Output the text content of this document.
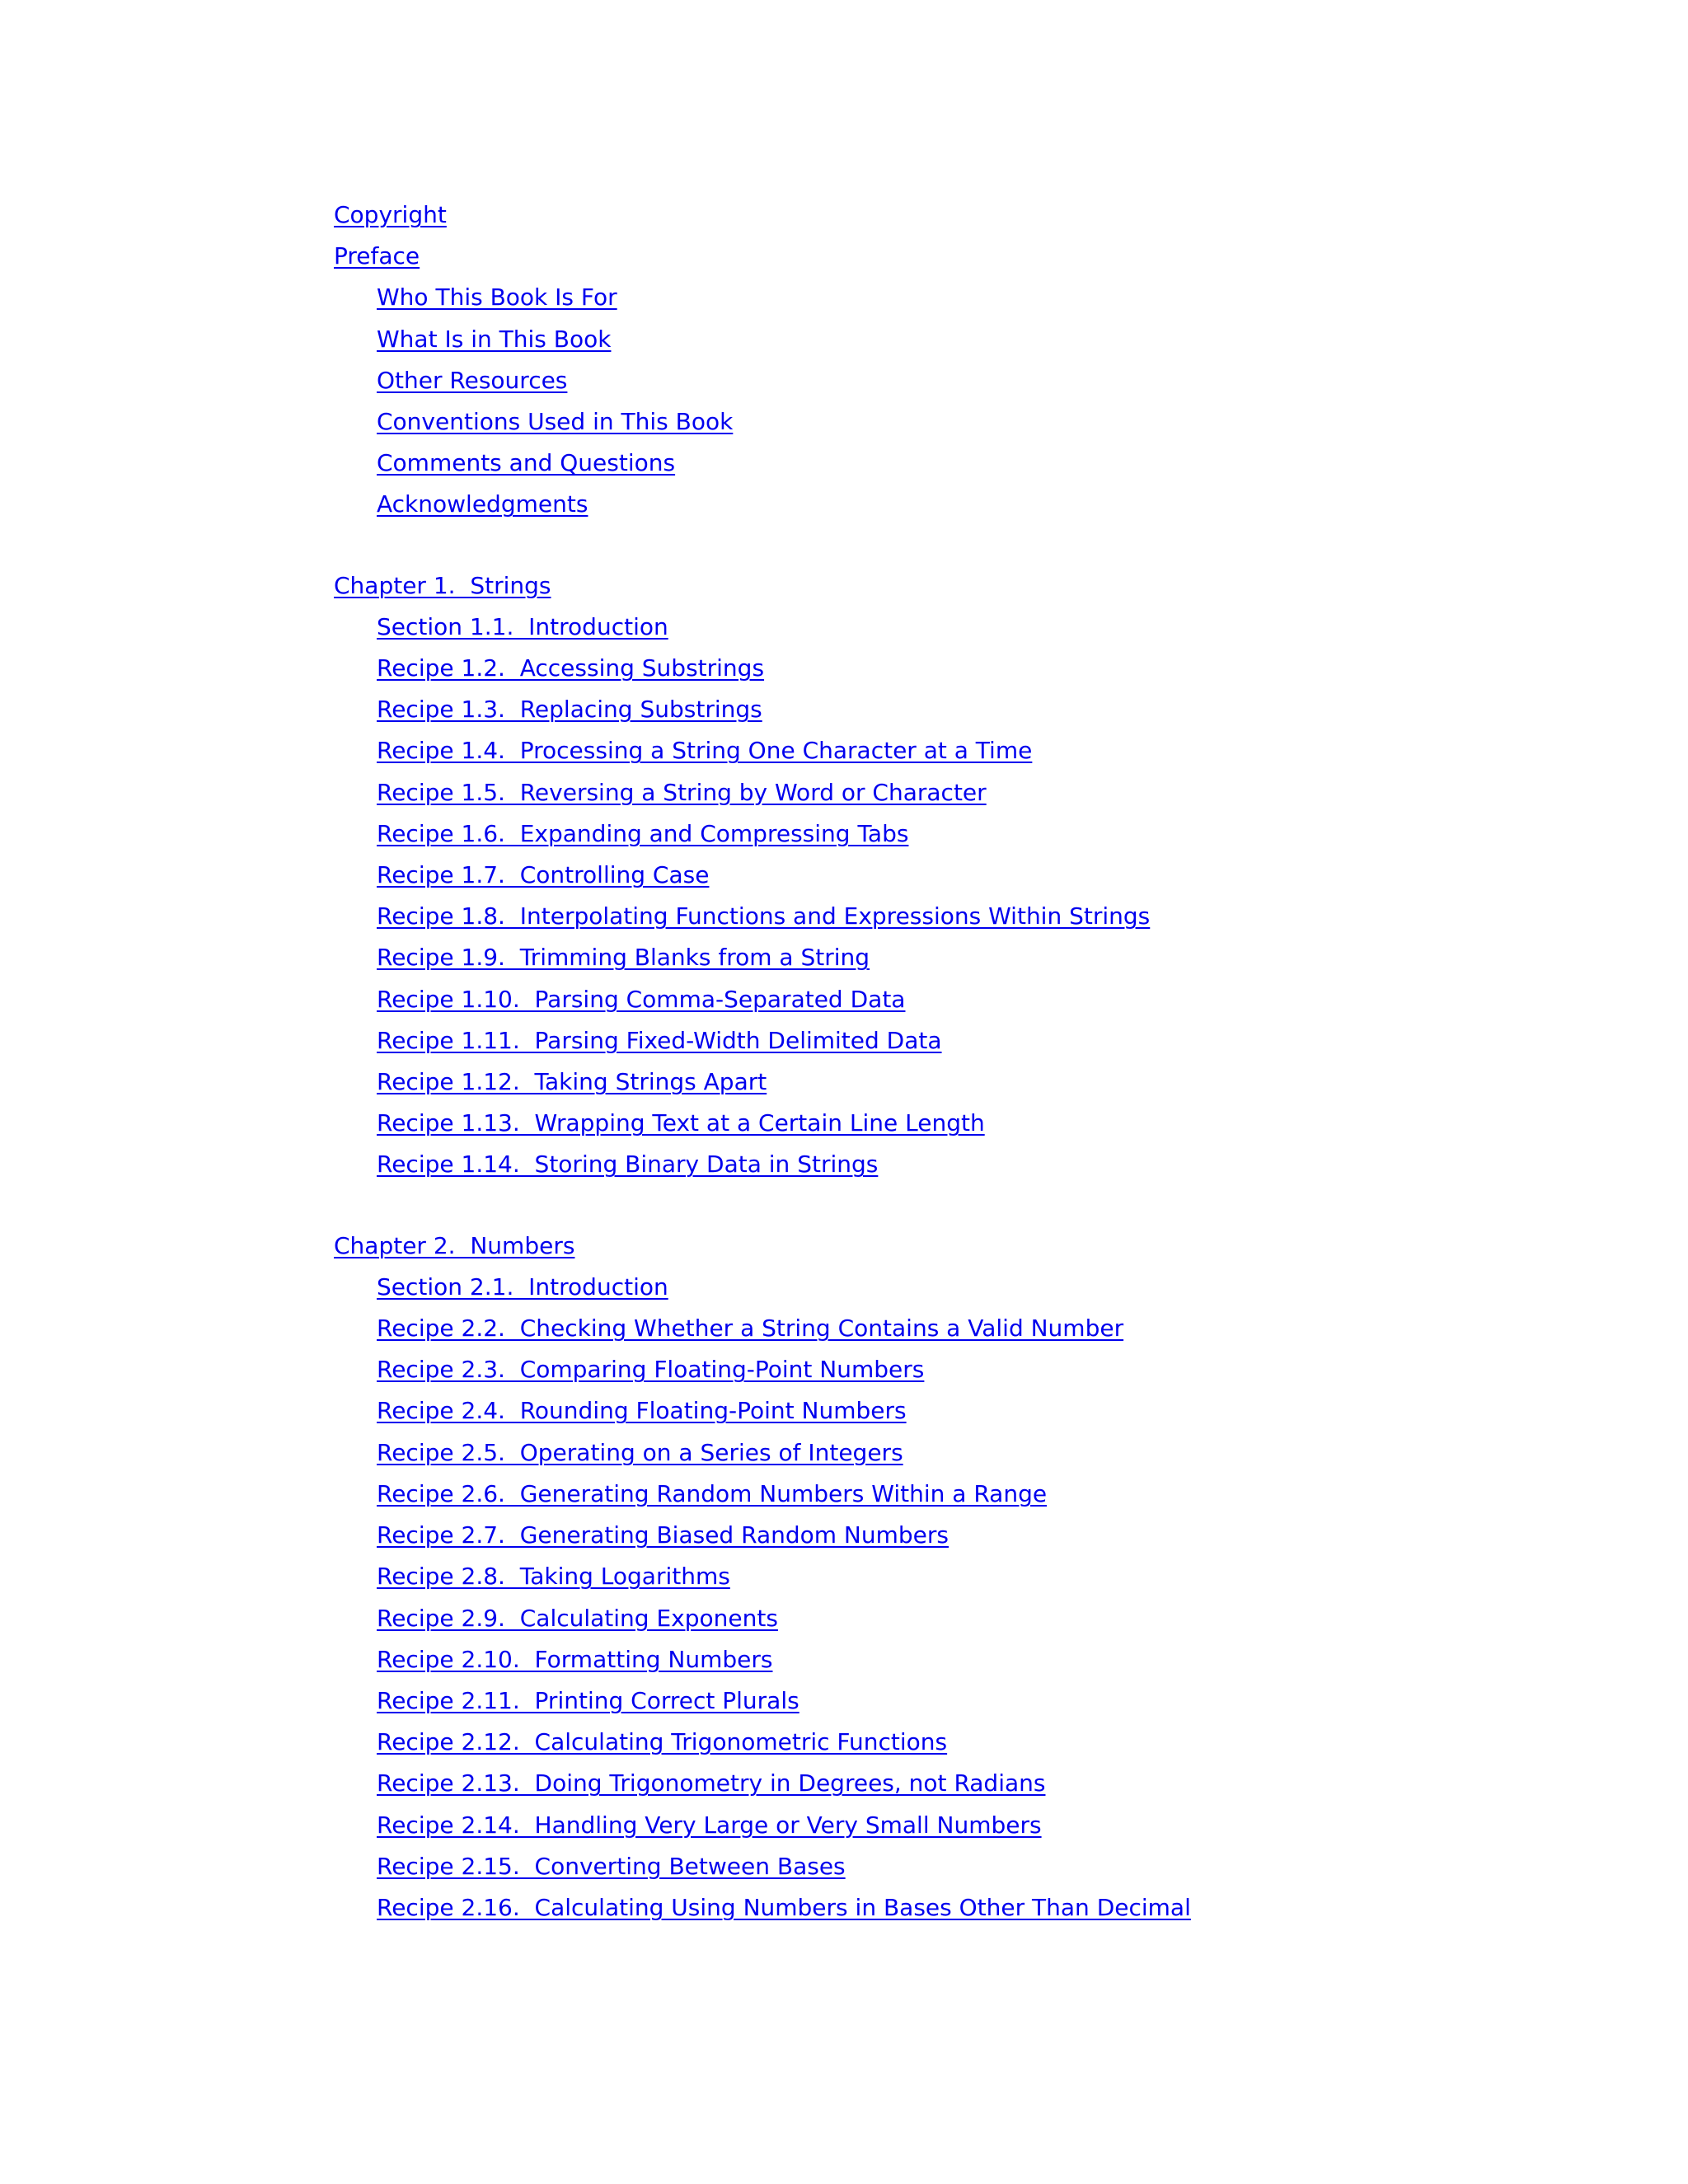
Copyright
Preface
Who This Book Is For
What Is in This Book
Other Resources
Conventions Used in This Book
Comments and Questions
Acknowledgments
Chapter 1.  Strings
Section 1.1.  Introduction
Recipe 1.2.  Accessing Substrings
Recipe 1.3.  Replacing Substrings
Recipe 1.4.  Processing a String One Character at a Time
Recipe 1.5.  Reversing a String by Word or Character
Recipe 1.6.  Expanding and Compressing Tabs
Recipe 1.7.  Controlling Case
Recipe 1.8.  Interpolating Functions and Expressions Within Strings
Recipe 1.9.  Trimming Blanks from a String
Recipe 1.10.  Parsing Comma-Separated Data
Recipe 1.11.  Parsing Fixed-Width Delimited Data
Recipe 1.12.  Taking Strings Apart
Recipe 1.13.  Wrapping Text at a Certain Line Length
Recipe 1.14.  Storing Binary Data in Strings
Chapter 2.  Numbers
Section 2.1.  Introduction
Recipe 2.2.  Checking Whether a String Contains a Valid Number
Recipe 2.3.  Comparing Floating-Point Numbers
Recipe 2.4.  Rounding Floating-Point Numbers
Recipe 2.5.  Operating on a Series of Integers
Recipe 2.6.  Generating Random Numbers Within a Range
Recipe 2.7.  Generating Biased Random Numbers
Recipe 2.8.  Taking Logarithms
Recipe 2.9.  Calculating Exponents
Recipe 2.10.  Formatting Numbers
Recipe 2.11.  Printing Correct Plurals
Recipe 2.12.  Calculating Trigonometric Functions
Recipe 2.13.  Doing Trigonometry in Degrees, not Radians
Recipe 2.14.  Handling Very Large or Very Small Numbers
Recipe 2.15.  Converting Between Bases
Recipe 2.16.  Calculating Using Numbers in Bases Other Than Decimal
